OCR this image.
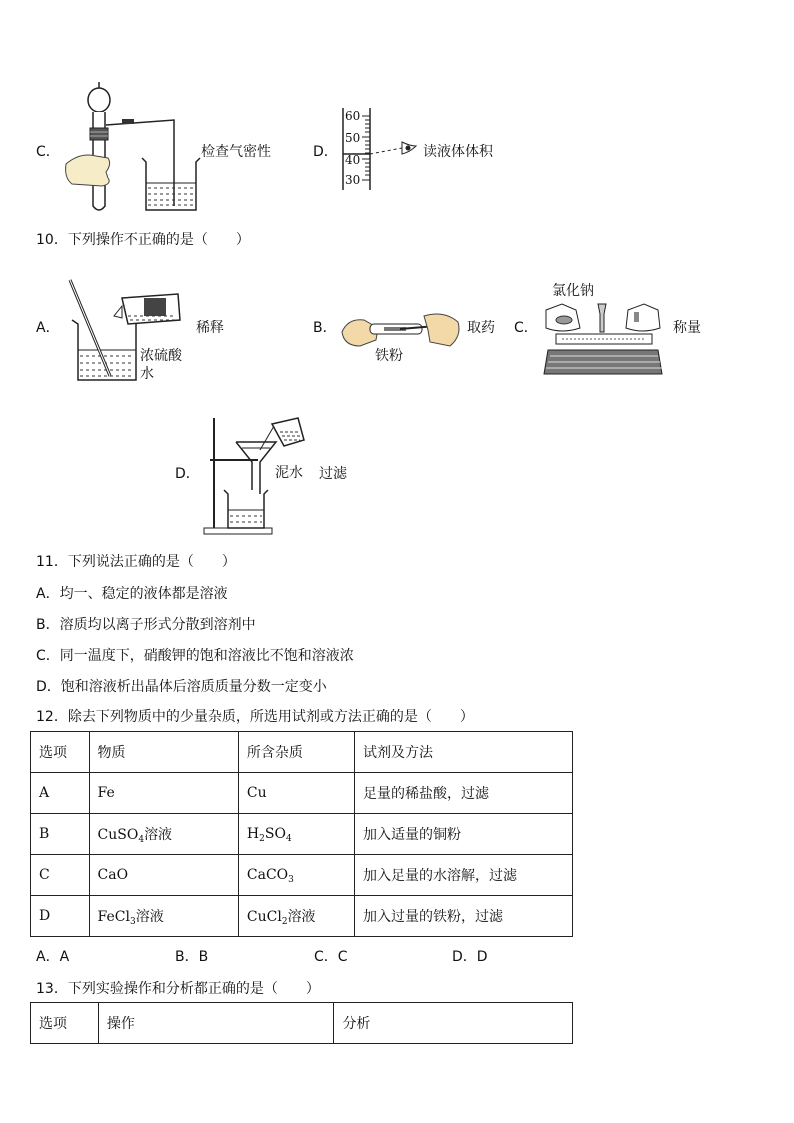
C．	检查气密性	D．
60
50
40
30
读液体体积
10．下列操作不正确的是（　　）
A．	稀释
浓硫酸
水
B．
铁粉
取药 C．
氯化钠
称量
D．	泥水 过滤
11．下列说法正确的是（　　）
A．均一、稳定的液体都是溶液
B．溶质均以离子形式分散到溶剂中
C．同一温度下，硝酸钾的饱和溶液比不饱和溶液浓
D．饱和溶液析出晶体后溶质质量分数一定变小
12．除去下列物质中的少量杂质，所选用试剂或方法正确的是（　　）
选项	物质	所含杂质	试剂及方法
A	Fe	Cu	足量的稀盐酸，过滤
B	CuSO$_4$溶液	$H_2SO_4$	加入适量的铜粉
C	CaO	CaCO$_3$	加入足量的水溶解，过滤
D	FeCl$_3$溶液	CuCl$_2$溶液	加入过量的铁粉，过滤
A．A	B．B	C．C	D．D
13．下列实验操作和分析都正确的是（　　）
选项	操作	分析
